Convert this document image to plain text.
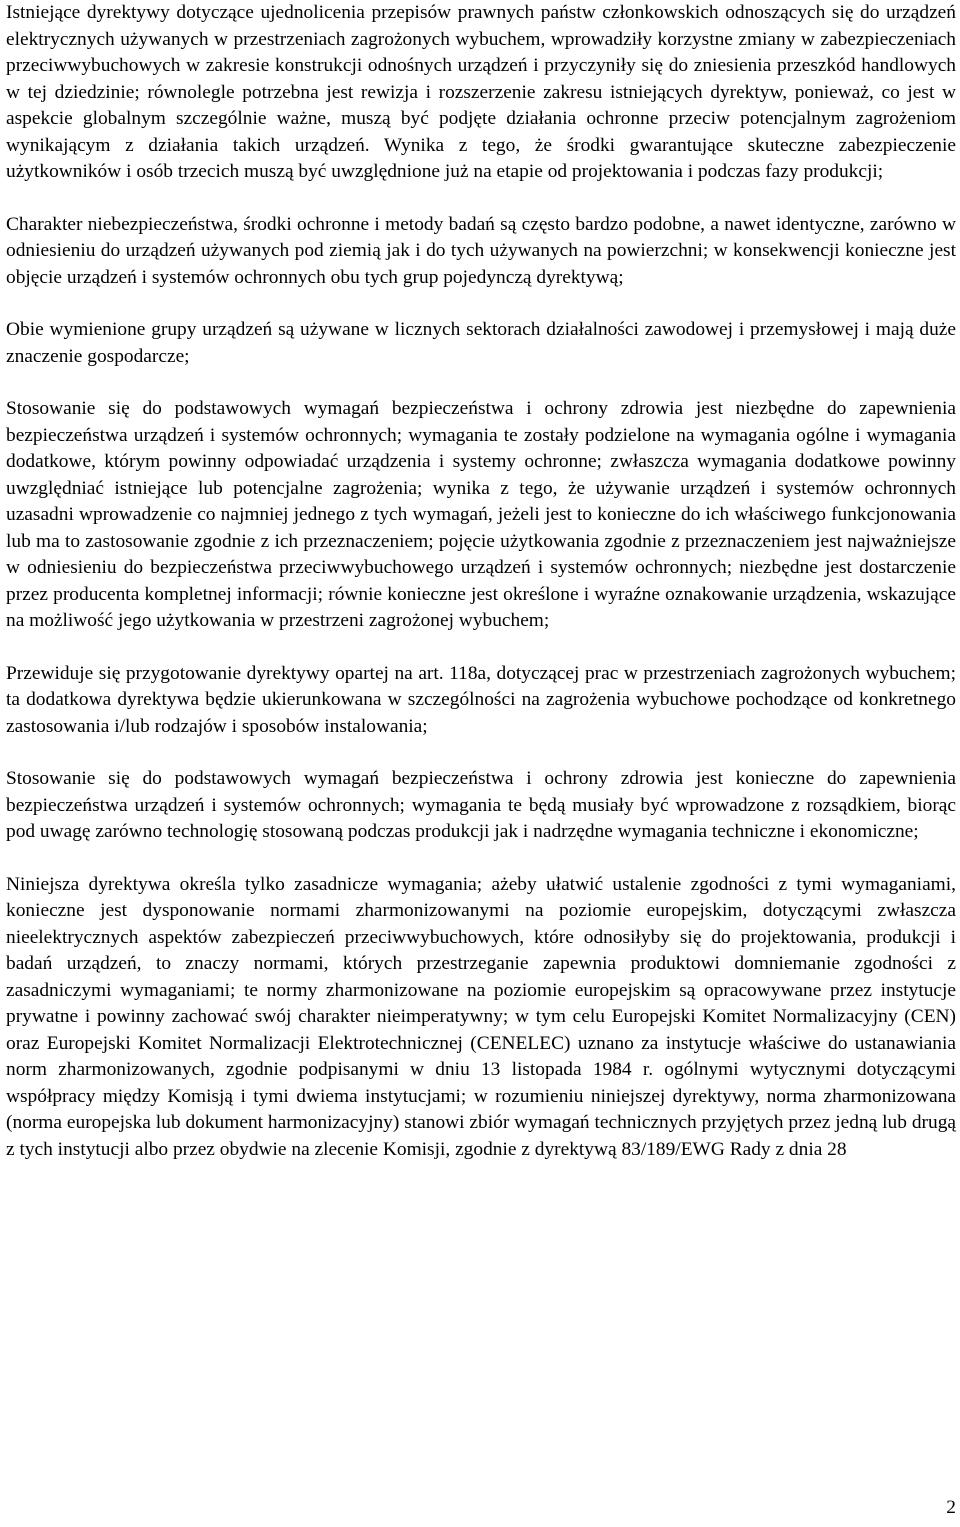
Istniejące dyrektywy dotyczące ujednolicenia przepisów prawnych państw członkowskich odnoszących się do urządzeń elektrycznych używanych w przestrzeniach zagrożonych wybuchem, wprowadziły korzystne zmiany w zabezpieczeniach przeciwwybuchowych w zakresie konstrukcji odnośnych urządzeń i przyczyniły się do zniesienia przeszkód handlowych w tej dziedzinie; równolegle potrzebna jest rewizja i rozszerzenie zakresu istniejących dyrektyw, ponieważ, co jest w aspekcie globalnym szczególnie ważne, muszą być podjęte działania ochronne przeciw potencjalnym zagrożeniom wynikającym z działania takich urządzeń. Wynika z tego, że środki gwarantujące skuteczne zabezpieczenie użytkowników i osób trzecich muszą być uwzględnione już na etapie od projektowania i podczas fazy produkcji;

Charakter niebezpieczeństwa, środki ochronne i metody badań są często bardzo podobne, a nawet identyczne, zarówno w odniesieniu do urządzeń używanych pod ziemią jak i do tych używanych na powierzchni; w konsekwencji konieczne jest objęcie urządzeń i systemów ochronnych obu tych grup pojedynczą dyrektywą;

Obie wymienione grupy urządzeń są używane w licznych sektorach działalności zawodowej i przemysłowej i mają duże znaczenie gospodarcze;

Stosowanie się do podstawowych wymagań bezpieczeństwa i ochrony zdrowia jest niezbędne do zapewnienia bezpieczeństwa urządzeń i systemów ochronnych; wymagania te zostały podzielone na wymagania ogólne i wymagania dodatkowe, którym powinny odpowiadać urządzenia i systemy ochronne; zwłaszcza wymagania dodatkowe powinny uwzględniać istniejące lub potencjalne zagrożenia; wynika z tego, że używanie urządzeń i systemów ochronnych uzasadni wprowadzenie co najmniej jednego z tych wymagań, jeżeli jest to konieczne do ich właściwego funkcjonowania lub ma to zastosowanie zgodnie z ich przeznaczeniem; pojęcie użytkowania zgodnie z przeznaczeniem jest najważniejsze w odniesieniu do bezpieczeństwa przeciwwybuchowego urządzeń i systemów ochronnych; niezbędne jest dostarczenie przez producenta kompletnej informacji; równie konieczne jest określone i wyraźne oznakowanie urządzenia, wskazujące na możliwość jego użytkowania w przestrzeni zagrożonej wybuchem;

Przewiduje się przygotowanie dyrektywy opartej na art. 118a, dotyczącej prac w przestrzeniach zagrożonych wybuchem; ta dodatkowa dyrektywa będzie ukierunkowana w szczególności na zagrożenia wybuchowe pochodzące od konkretnego zastosowania i/lub rodzajów i sposobów instalowania;

Stosowanie się do podstawowych wymagań bezpieczeństwa i ochrony zdrowia jest konieczne do zapewnienia bezpieczeństwa urządzeń i systemów ochronnych; wymagania te będą musiały być wprowadzone z rozsądkiem, biorąc pod uwagę zarówno technologię stosowaną podczas produkcji jak i nadrzędne wymagania techniczne i ekonomiczne;

Niniejsza dyrektywa określa tylko zasadnicze wymagania; ażeby ułatwić ustalenie zgodności z tymi wymaganiami, konieczne jest dysponowanie normami zharmonizowanymi na poziomie europejskim, dotyczącymi zwłaszcza nieelektrycznych aspektów zabezpieczeń przeciwwybuchowych, które odnosiłyby się do projektowania, produkcji i badań urządzeń, to znaczy normami, których przestrzeganie zapewnia produktowi domniemanie zgodności z zasadniczymi wymaganiami; te normy zharmonizowane na poziomie europejskim są opracowywane przez instytucje prywatne i powinny zachować swój charakter nieimperatywny; w tym celu Europejski Komitet Normalizacyjny (CEN) oraz Europejski Komitet Normalizacji Elektrotechnicznej (CENELEC) uznano za instytucje właściwe do ustanawiania norm zharmonizowanych, zgodnie podpisanymi w dniu 13 listopada 1984 r. ogólnymi wytycznymi dotyczącymi współpracy między Komisją i tymi dwiema instytucjami; w rozumieniu niniejszej dyrektywy, norma zharmonizowana (norma europejska lub dokument harmonizacyjny) stanowi zbiór wymagań technicznych przyjętych przez jedną lub drugą z tych instytucji albo przez obydwie na zlecenie Komisji, zgodnie z dyrektywą 83/189/EWG Rady z dnia 28

2
